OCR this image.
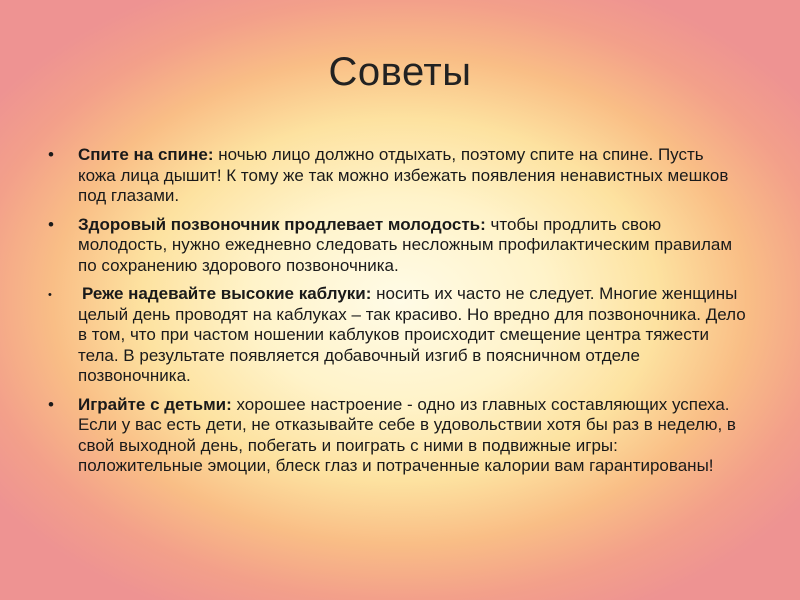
Советы
• Спите на спине: ночью лицо должно отдыхать, поэтому спите на спине. Пусть кожа лица дышит! К тому же так можно избежать появления ненавистных мешков под глазами.
• Здоровый позвоночник продлевает молодость: чтобы продлить свою молодость, нужно ежедневно следовать несложным профилактическим правилам по сохранению здорового позвоночника.
• Реже надевайте высокие каблуки: носить их часто не следует. Многие женщины целый день проводят на каблуках – так красиво. Но вредно для позвоночника. Дело в том, что при частом ношении каблуков происходит смещение центра тяжести тела. В результате появляется добавочный изгиб в поясничном отделе позвоночника.
• Играйте с детьми: хорошее настроение - одно из главных составляющих успеха. Если у вас есть дети, не отказывайте себе в удовольствии хотя бы раз в неделю, в свой выходной день, побегать и поиграть с ними в подвижные игры: положительные эмоции, блеск глаз и потраченные калории вам гарантированы!
